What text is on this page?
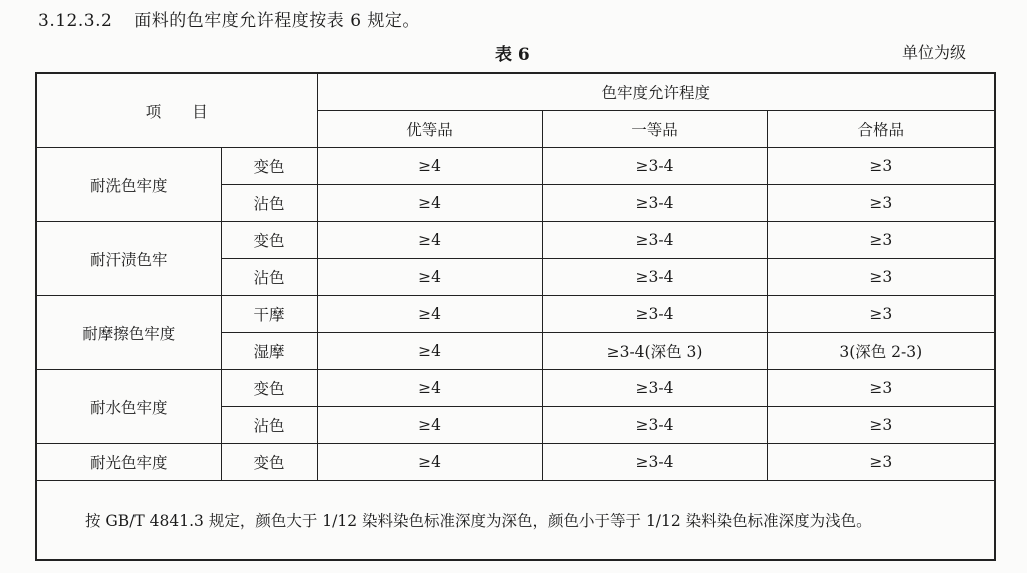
3.12.3.2 面料的色牢度允许程度按表 6 规定。
表 6	单位为级
项　　目		色牢度允许程度		
		优等品	一等品	合格品
耐洗色牢度	变色	≥4	≥3-4	≥3
	沾色	≥4	≥3-4	≥3
耐汗渍色牢	变色	≥4	≥3-4	≥3
	沾色	≥4	≥3-4	≥3
耐摩擦色牢度	干摩	≥4	≥3-4	≥3
	湿摩	≥4	≥3-4(深色 3)	3(深色 2-3)
耐水色牢度	变色	≥4	≥3-4	≥3
	沾色	≥4	≥3-4	≥3
耐光色牢度	变色	≥4	≥3-4	≥3
按 GB/T 4841.3 规定，颜色大于 1/12 染料染色标准深度为深色，颜色小于等于 1/12 染料染色标准深度为浅色。				
